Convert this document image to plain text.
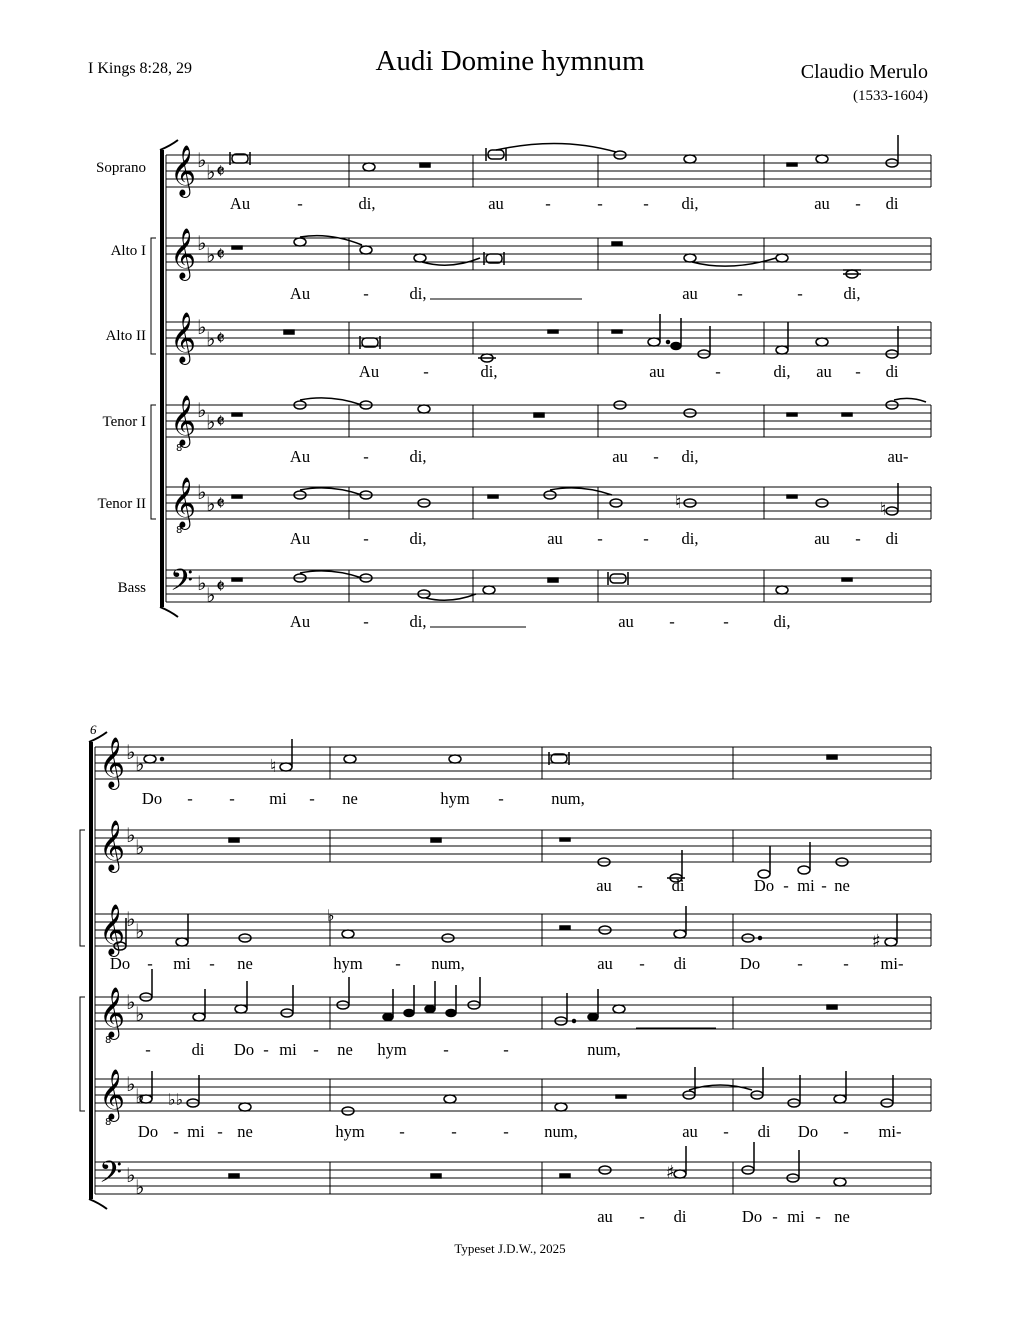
I Kings 8:28, 29	Audi Domine hymnum	Claudio Merulo
(1533-1604)
Soprano
Alto I
Alto II
Tenor I
Tenor II
Bass
𝄞
𝄞
𝄞
𝄞
8
𝄞
8
𝄢
♭ ♭
♭ ♭
♭ ♭
♭ ♭
♭ ♭
♭ ♭
𝄵
𝄵
𝄵
𝄵
𝄵
𝄵
Au	-	di,	au	-	- - di,	au - di
Au	- di,	au -	- di,
Au	-	di,	au	-	di, au - di
Au	- di,	au - di,	au-
Au	- di,	au - - di,	au - di
Au	- di,	au -	-	di,
6
𝄞
𝄞
𝄞
𝄞
8
𝄞
8
𝄢
♭ ♭
♭ ♭
♭ ♭
♭ ♭
♭ ♭
♭ ♭
♮
♭
♯
♭♭
♯
♮	♮
Do - - mi - ne	hym -	num,
au - di	Do - mi - ne
Do - mi - ne	hym - num,	au - di	Do - - mi-
- di Do - mi - ne hym -	-	num,
Do - mi - ne	hym -	-	- num,	au - di Do - mi-
au - di	Do - mi - ne
Typeset J.D.W., 2025
